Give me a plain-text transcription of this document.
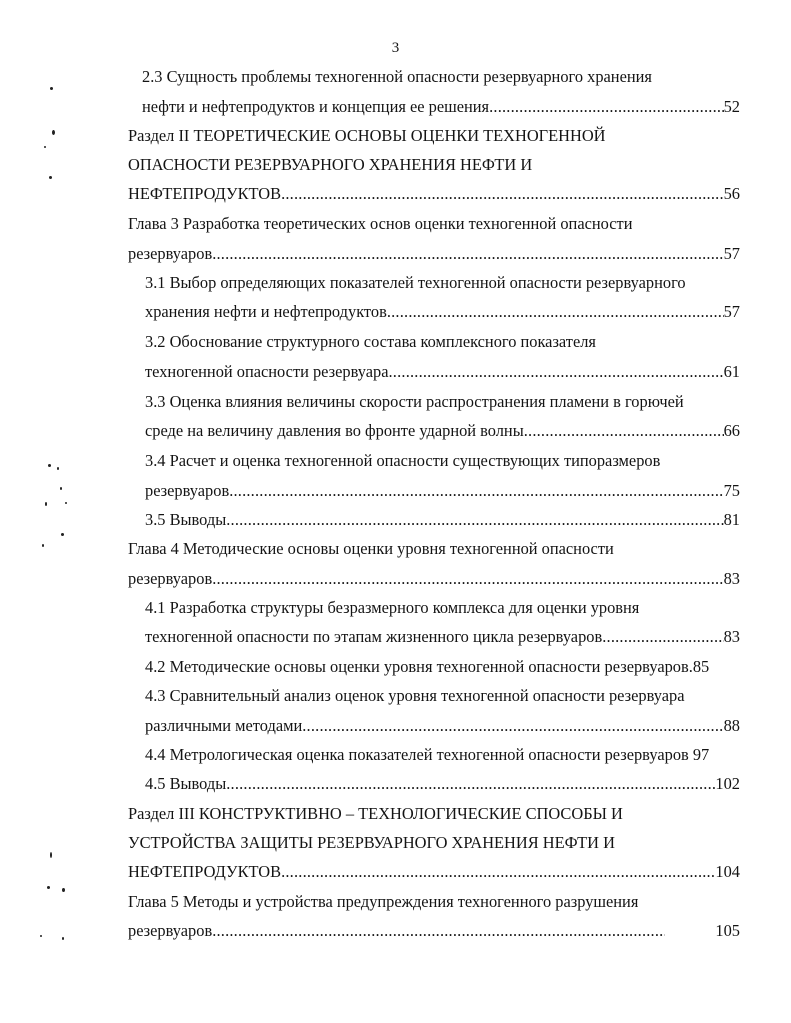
3
2.3 Сущность проблемы техногенной опасности резервуарного хранения
нефти и нефтепродуктов и концепция ее решения .....	52
Раздел II ТЕОРЕТИЧЕСКИЕ ОСНОВЫ ОЦЕНКИ ТЕХНОГЕННОЙ
ОПАСНОСТИ РЕЗЕРВУАРНОГО ХРАНЕНИЯ НЕФТИ И
НЕФТЕПРОДУКТОВ .....	56
Глава 3 Разработка теоретических основ оценки техногенной опасности
резервуаров .....	57
3.1 Выбор определяющих показателей техногенной опасности резервуарного
хранения нефти и нефтепродуктов .....	57
3.2 Обоснование структурного состава комплексного показателя
техногенной опасности резервуара .....	61
3.3 Оценка влияния величины скорости распространения пламени в горючей
среде на величину давления во фронте ударной волны .....	66
3.4 Расчет и оценка техногенной опасности существующих типоразмеров
резервуаров .....	75
3.5 Выводы .....	81
Глава 4 Методические основы оценки уровня техногенной опасности
резервуаров .....	83
4.1 Разработка структуры безразмерного комплекса для оценки уровня
техногенной опасности по этапам жизненного цикла резервуаров .....	83
4.2 Методические основы оценки уровня техногенной опасности резервуаров.85
4.3 Сравнительный анализ оценок уровня техногенной опасности резервуара
различными методами .....	88
4.4 Метрологическая оценка показателей техногенной опасности резервуаров 97
4.5 Выводы .....	102
Раздел III КОНСТРУКТИВНО – ТЕХНОЛОГИЧЕСКИЕ СПОСОБЫ И
УСТРОЙСТВА ЗАЩИТЫ РЕЗЕРВУАРНОГО ХРАНЕНИЯ НЕФТИ И
НЕФТЕПРОДУКТОВ .....	104
Глава 5 Методы и устройства предупреждения техногенного разрушения
резервуаров .....	105
